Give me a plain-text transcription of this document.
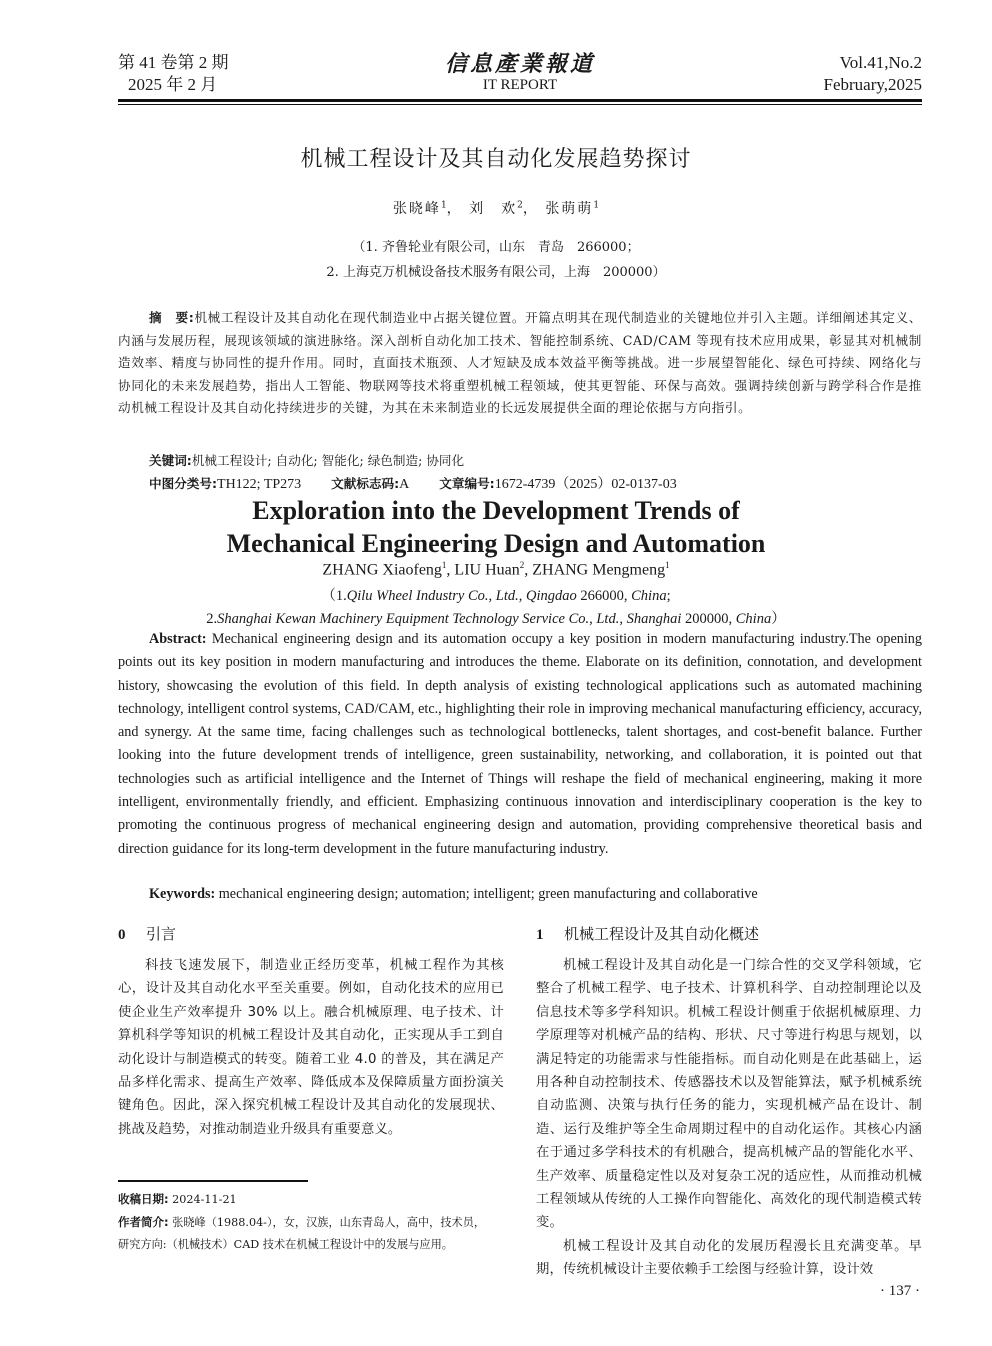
第 41 卷第 2 期
2025 年 2 月
信息產業報道
IT REPORT
Vol.41,No.2
February,2025
机械工程设计及其自动化发展趋势探讨
张晓峰$^1$， 刘　欢$^2$， 张萌萌$^1$
（1. 齐鲁轮业有限公司，山东　青岛　266000；
2. 上海克万机械设备技术服务有限公司，上海　200000）
摘　要:机械工程设计及其自动化在现代制造业中占据关键位置。开篇点明其在现代制造业的关键地位并引入主题。详细阐述其定义、内涵与发展历程，展现该领域的演进脉络。深入剖析自动化加工技术、智能控制系统、CAD/CAM 等现有技术应用成果，彰显其对机械制造效率、精度与协同性的提升作用。同时，直面技术瓶颈、人才短缺及成本效益平衡等挑战。进一步展望智能化、绿色可持续、网络化与协同化的未来发展趋势，指出人工智能、物联网等技术将重塑机械工程领域，使其更智能、环保与高效。强调持续创新与跨学科合作是推动机械工程设计及其自动化持续进步的关键，为其在未来制造业的长远发展提供全面的理论依据与方向指引。
关键词:机械工程设计; 自动化; 智能化; 绿色制造; 协同化
中图分类号:TH122; TP273 文献标志码:A 文章编号:1672-4739（2025）02-0137-03
Exploration into the Development Trends of
Mechanical Engineering Design and Automation
ZHANG Xiaofeng$^1$, LIU Huan$^2$, ZHANG Mengmeng$^1$
（1.Qilu Wheel Industry Co., Ltd., Qingdao 266000, China;
2.Shanghai Kewan Machinery Equipment Technology Service Co., Ltd., Shanghai 200000, China）
Abstract: Mechanical engineering design and its automation occupy a key position in modern manufacturing industry.The opening points out its key position in modern manufacturing and introduces the theme. Elaborate on its definition, connotation, and development history, showcasing the evolution of this field. In depth analysis of existing technological applications such as automated machining technology, intelligent control systems, CAD/CAM, etc., highlighting their role in improving mechanical manufacturing efficiency, accuracy, and synergy. At the same time, facing challenges such as technological bottlenecks, talent shortages, and cost-benefit balance. Further looking into the future development trends of intelligence, green sustainability, networking, and collaboration, it is pointed out that technologies such as artificial intelligence and the Internet of Things will reshape the field of mechanical engineering, making it more intelligent, environmentally friendly, and efficient. Emphasizing continuous innovation and interdisciplinary cooperation is the key to promoting the continuous progress of mechanical engineering design and automation, providing comprehensive theoretical basis and direction guidance for its long-term development in the future manufacturing industry.
Keywords: mechanical engineering design; automation; intelligent; green manufacturing and collaborative
0 引言

科技飞速发展下，制造业正经历变革，机械工程作为其核心，设计及其自动化水平至关重要。例如，自动化技术的应用已使企业生产效率提升 30% 以上。融合机械原理、电子技术、计算机科学等知识的机械工程设计及其自动化，正实现从手工到自动化设计与制造模式的转变。随着工业 4.0 的普及，其在满足产品多样化需求、提高生产效率、降低成本及保障质量方面扮演关键角色。因此，深入探究机械工程设计及其自动化的发展现状、挑战及趋势，对推动制造业升级具有重要意义。

收稿日期: 2024-11-21
作者简介: 张晓峰（1988.04-），女，汉族，山东青岛人，高中，技术员，
研究方向:（机械技术）CAD 技术在机械工程设计中的发展与应用。
1 机械工程设计及其自动化概述

机械工程设计及其自动化是一门综合性的交叉学科领域，它整合了机械工程学、电子技术、计算机科学、自动控制理论以及信息技术等多学科知识。机械工程设计侧重于依据机械原理、力学原理等对机械产品的结构、形状、尺寸等进行构思与规划，以满足特定的功能需求与性能指标。而自动化则是在此基础上，运用各种自动控制技术、传感器技术以及智能算法，赋予机械系统自动监测、决策与执行任务的能力，实现机械产品在设计、制造、运行及维护等全生命周期过程中的自动化运作。其核心内涵在于通过多学科技术的有机融合，提高机械产品的智能化水平、生产效率、质量稳定性以及对复杂工况的适应性，从而推动机械工程领域从传统的人工操作向智能化、高效化的现代制造模式转变。

机械工程设计及其自动化的发展历程漫长且充满变革。早期，传统机械设计主要依赖手工绘图与经验计算，设计效

· 137 ·
